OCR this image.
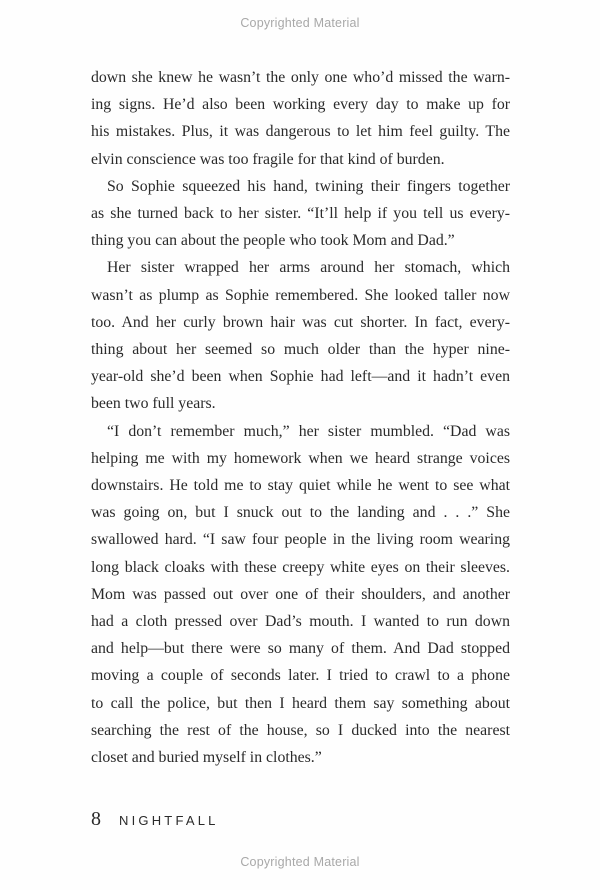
Copyrighted Material
down she knew he wasn’t the only one who’d missed the warn-
ing signs. He’d also been working every day to make up for
his mistakes. Plus, it was dangerous to let him feel guilty. The
elvin conscience was too fragile for that kind of burden.
So Sophie squeezed his hand, twining their fingers together
as she turned back to her sister. “It’ll help if you tell us every-
thing you can about the people who took Mom and Dad.”
Her sister wrapped her arms around her stomach, which
wasn’t as plump as Sophie remembered. She looked taller now
too. And her curly brown hair was cut shorter. In fact, every-
thing about her seemed so much older than the hyper nine-
year-old she’d been when Sophie had left—and it hadn’t even
been two full years.
“I don’t remember much,” her sister mumbled. “Dad was
helping me with my homework when we heard strange voices
downstairs. He told me to stay quiet while he went to see what
was going on, but I snuck out to the landing and . . .” She
swallowed hard. “I saw four people in the living room wearing
long black cloaks with these creepy white eyes on their sleeves.
Mom was passed out over one of their shoulders, and another
had a cloth pressed over Dad’s mouth. I wanted to run down
and help—but there were so many of them. And Dad stopped
moving a couple of seconds later. I tried to crawl to a phone
to call the police, but then I heard them say something about
searching the rest of the house, so I ducked into the nearest
closet and buried myself in clothes.”
8 NIGHTFALL
Copyrighted Material
